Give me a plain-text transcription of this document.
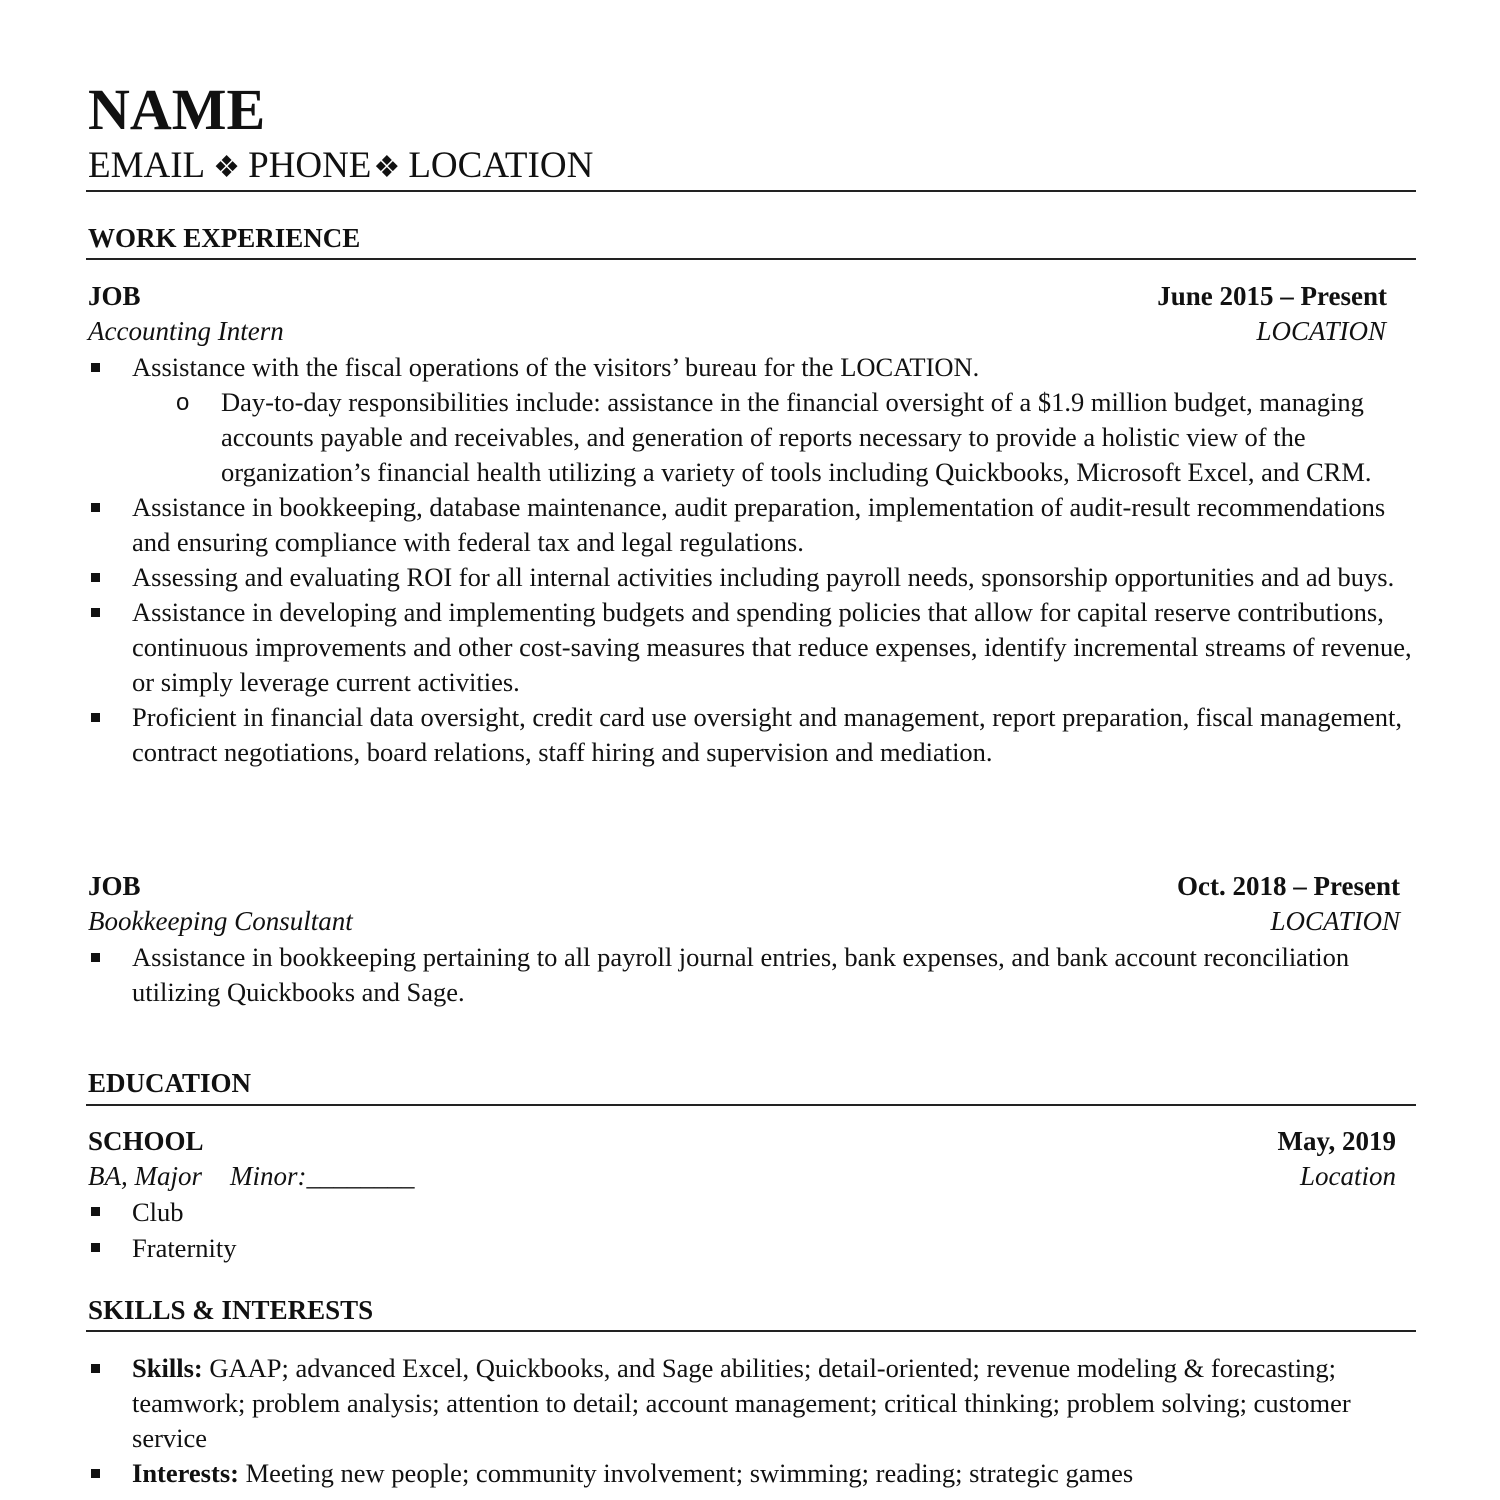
NAME
EMAIL ❖ PHONE❖ LOCATION
WORK EXPERIENCE
JOB	June 2015 – Present
Accounting Intern	LOCATION
Assistance with the fiscal operations of the visitors’ bureau for the LOCATION.
o Day-to-day responsibilities include: assistance in the financial oversight of a $1.9 million budget, managing accounts payable and receivables, and generation of reports necessary to provide a holistic view of the organization’s financial health utilizing a variety of tools including Quickbooks, Microsoft Excel, and CRM.
Assistance in bookkeeping, database maintenance, audit preparation, implementation of audit-result recommendations and ensuring compliance with federal tax and legal regulations.
Assessing and evaluating ROI for all internal activities including payroll needs, sponsorship opportunities and ad buys.
Assistance in developing and implementing budgets and spending policies that allow for capital reserve contributions, continuous improvements and other cost-saving measures that reduce expenses, identify incremental streams of revenue, or simply leverage current activities.
Proficient in financial data oversight, credit card use oversight and management, report preparation, fiscal management, contract negotiations, board relations, staff hiring and supervision and mediation.
JOB	Oct. 2018 – Present
Bookkeeping Consultant	LOCATION
Assistance in bookkeeping pertaining to all payroll journal entries, bank expenses, and bank account reconciliation utilizing Quickbooks and Sage.
EDUCATION
SCHOOL	May, 2019
BA, Major Minor:________	Location
Club
Fraternity
SKILLS & INTERESTS
Skills: GAAP; advanced Excel, Quickbooks, and Sage abilities; detail-oriented; revenue modeling & forecasting; teamwork; problem analysis; attention to detail; account management; critical thinking; problem solving; customer service
Interests: Meeting new people; community involvement; swimming; reading; strategic games
